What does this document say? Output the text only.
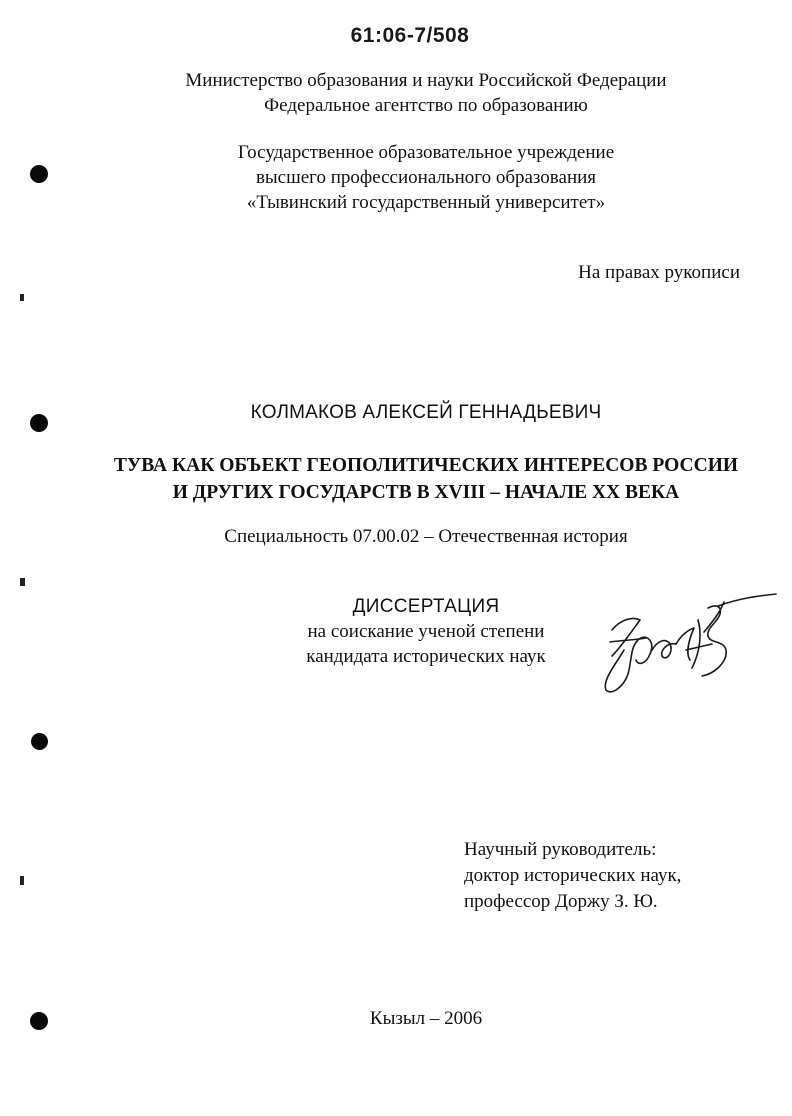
61:06-7/508
Министерство образования и науки Российской Федерации
Федеральное агентство по образованию
Государственное образовательное учреждение
высшего профессионального образования
«Тывинский государственный университет»
На правах рукописи
КОЛМАКОВ АЛЕКСЕЙ ГЕННАДЬЕВИЧ
ТУВА КАК ОБЪЕКТ ГЕОПОЛИТИЧЕСКИХ ИНТЕРЕСОВ РОССИИ
И ДРУГИХ ГОСУДАРСТВ В XVIII – НАЧАЛЕ XX ВЕКА
Специальность 07.00.02 – Отечественная история
ДИССЕРТАЦИЯ
на соискание ученой степени
кандидата исторических наук
Научный руководитель:
доктор исторических наук,
профессор Доржу З. Ю.
Кызыл – 2006
